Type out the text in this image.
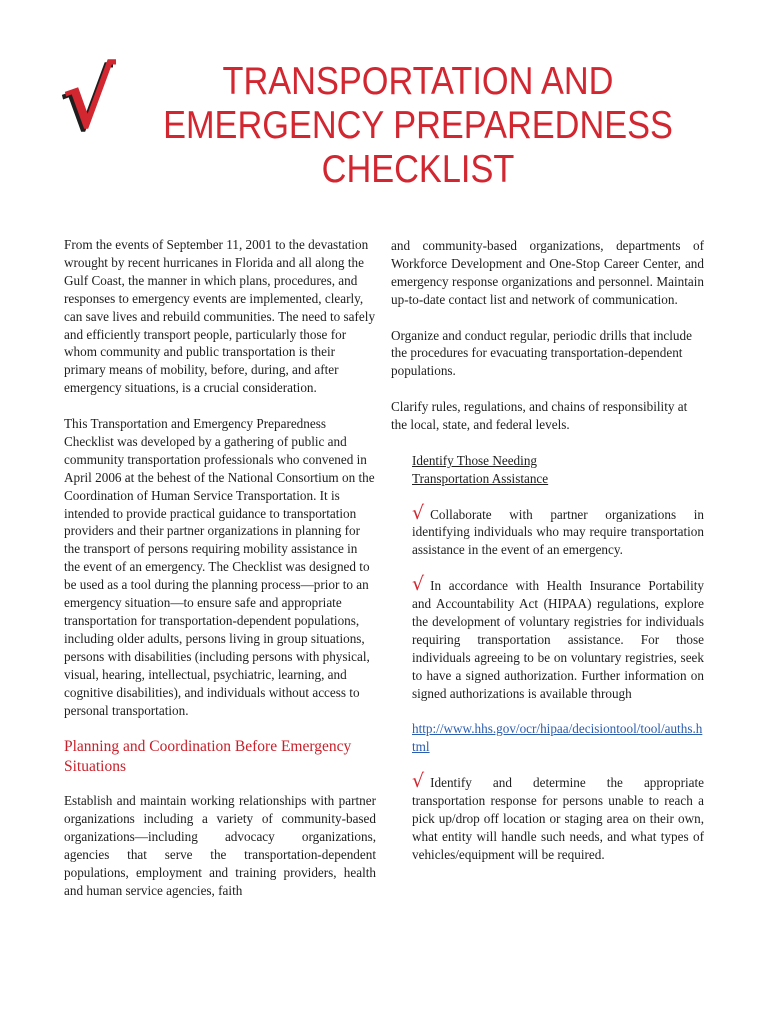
√	TRANSPORTATION AND
EMERGENCY PREPAREDNESS
CHECKLIST

From the events of September 11, 2001 to the devastation wrought by recent hurricanes in Florida and all along the Gulf Coast, the manner in which plans, procedures, and responses to emergency events are implemented, clearly, can save lives and rebuild communities. The need to safely and efficiently transport people, particularly those for whom community and public transportation is their primary means of mobility, before, during, and after emergency situations, is a crucial consideration.

This Transportation and Emergency Preparedness Checklist was developed by a gathering of public and community transportation professionals who convened in April 2006 at the behest of the National Consortium on the Coordination of Human Service Transportation. It is intended to provide practical guidance to transportation providers and their partner organizations in planning for the transport of persons requiring mobility assistance in the event of an emergency. The Checklist was designed to be used as a tool during the planning process—prior to an emergency situation—to ensure safe and appropriate transportation for transportation-dependent populations, including older adults, persons living in group situations, persons with disabilities (including persons with physical, visual, hearing, intellectual, psychiatric, learning, and cognitive disabilities), and individuals without access to personal transportation.

Planning and Coordination Before Emergency Situations

Establish and maintain working relationships with partner organizations including a variety of community-based organizations—including advocacy organizations, agencies that serve the transportation-dependent populations, employment and training providers, health and human service agencies, faith

and community-based organizations, departments of Workforce Development and One-Stop Career Center, and emergency response organizations and personnel. Maintain up-to-date contact list and network of communication.

Organize and conduct regular, periodic drills that include the procedures for evacuating transportation-dependent populations.

Clarify rules, regulations, and chains of responsibility at the local, state, and federal levels.

Identify Those Needing
Transportation Assistance
√ Collaborate with partner organizations in identifying individuals who may require transportation assistance in the event of an emergency.
√ In accordance with Health Insurance Portability and Accountability Act (HIPAA) regulations, explore the development of voluntary registries for individuals requiring transportation assistance. For those individuals agreeing to be on voluntary registries, seek to have a signed authorization. Further information on signed authorizations is available through
http://www.hhs.gov/ocr/hipaa/decisiontool/tool/auths.html
√ Identify and determine the appropriate transportation response for persons unable to reach a pick up/drop off location or staging area on their own, what entity will handle such needs, and what types of vehicles/equipment will be required.
